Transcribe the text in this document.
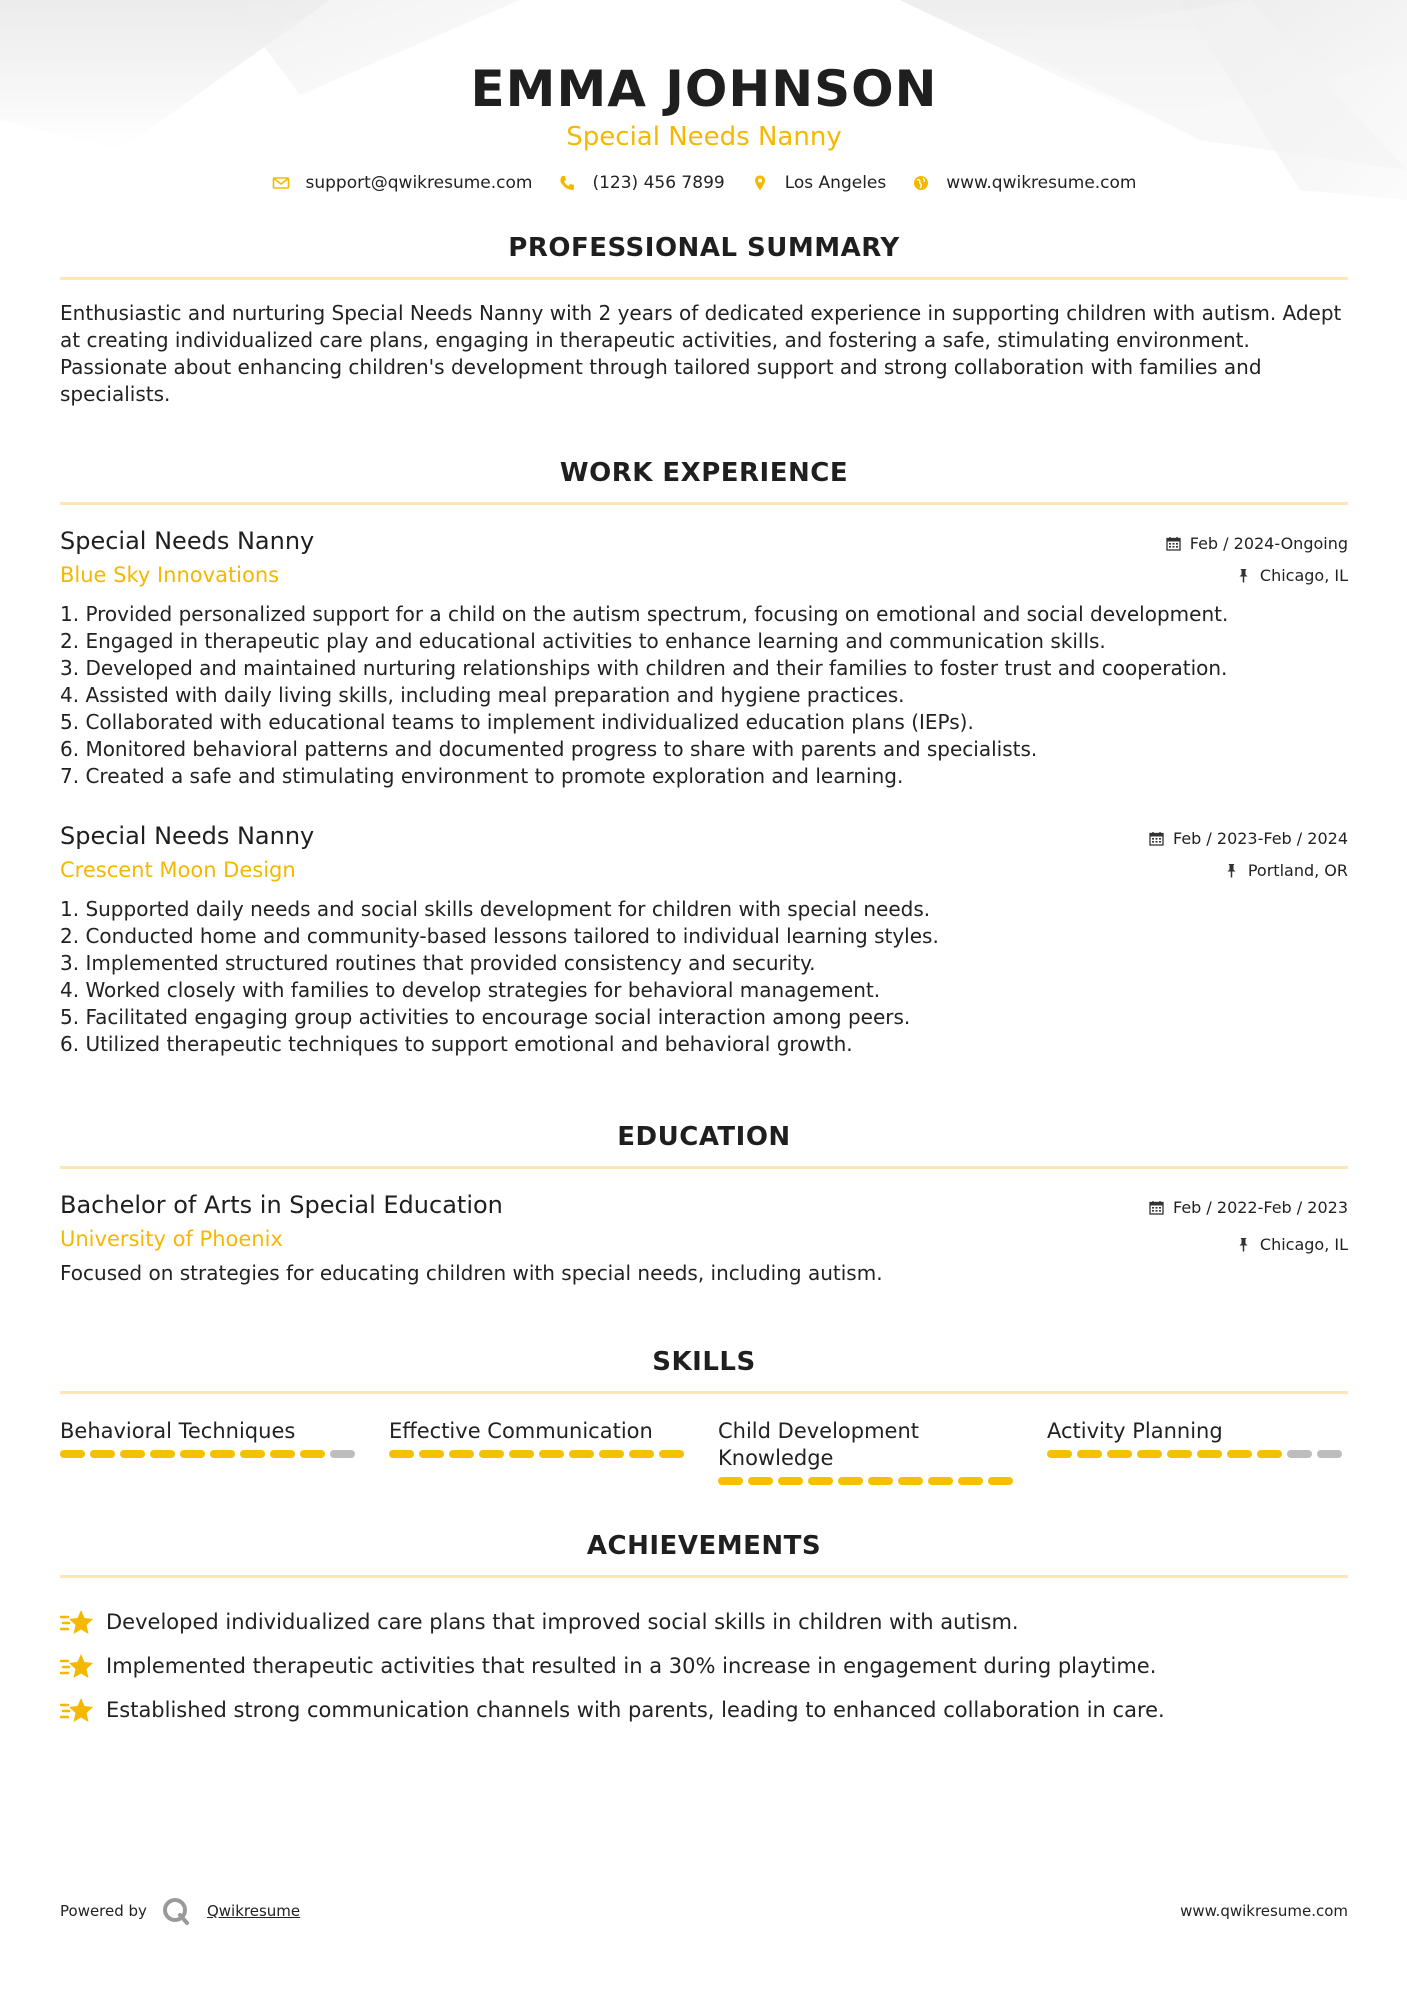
EMMA JOHNSON
Special Needs Nanny
support@qwikresume.com	(123) 456 7899	Los Angeles	www.qwikresume.com
PROFESSIONAL SUMMARY
Enthusiastic and nurturing Special Needs Nanny with 2 years of dedicated experience in supporting children with autism. Adept at creating individualized care plans, engaging in therapeutic activities, and fostering a safe, stimulating environment. Passionate about enhancing children's development through tailored support and strong collaboration with families and specialists.
WORK EXPERIENCE
Special Needs Nanny
Blue Sky Innovations
Feb / 2024-Ongoing
Chicago, IL
1. Provided personalized support for a child on the autism spectrum, focusing on emotional and social development.
2. Engaged in therapeutic play and educational activities to enhance learning and communication skills.
3. Developed and maintained nurturing relationships with children and their families to foster trust and cooperation.
4. Assisted with daily living skills, including meal preparation and hygiene practices.
5. Collaborated with educational teams to implement individualized education plans (IEPs).
6. Monitored behavioral patterns and documented progress to share with parents and specialists.
7. Created a safe and stimulating environment to promote exploration and learning.
Special Needs Nanny
Crescent Moon Design
Feb / 2023-Feb / 2024
Portland, OR
1. Supported daily needs and social skills development for children with special needs.
2. Conducted home and community-based lessons tailored to individual learning styles.
3. Implemented structured routines that provided consistency and security.
4. Worked closely with families to develop strategies for behavioral management.
5. Facilitated engaging group activities to encourage social interaction among peers.
6. Utilized therapeutic techniques to support emotional and behavioral growth.
EDUCATION
Bachelor of Arts in Special Education
University of Phoenix
Feb / 2022-Feb / 2023
Chicago, IL
Focused on strategies for educating children with special needs, including autism.
SKILLS
Behavioral Techniques	Effective Communication	Child Development Knowledge
Activity Planning
ACHIEVEMENTS
Developed individualized care plans that improved social skills in children with autism.
Implemented therapeutic activities that resulted in a 30% increase in engagement during playtime.
Established strong communication channels with parents, leading to enhanced collaboration in care.
Powered by	Qwikresume	www.qwikresume.com
